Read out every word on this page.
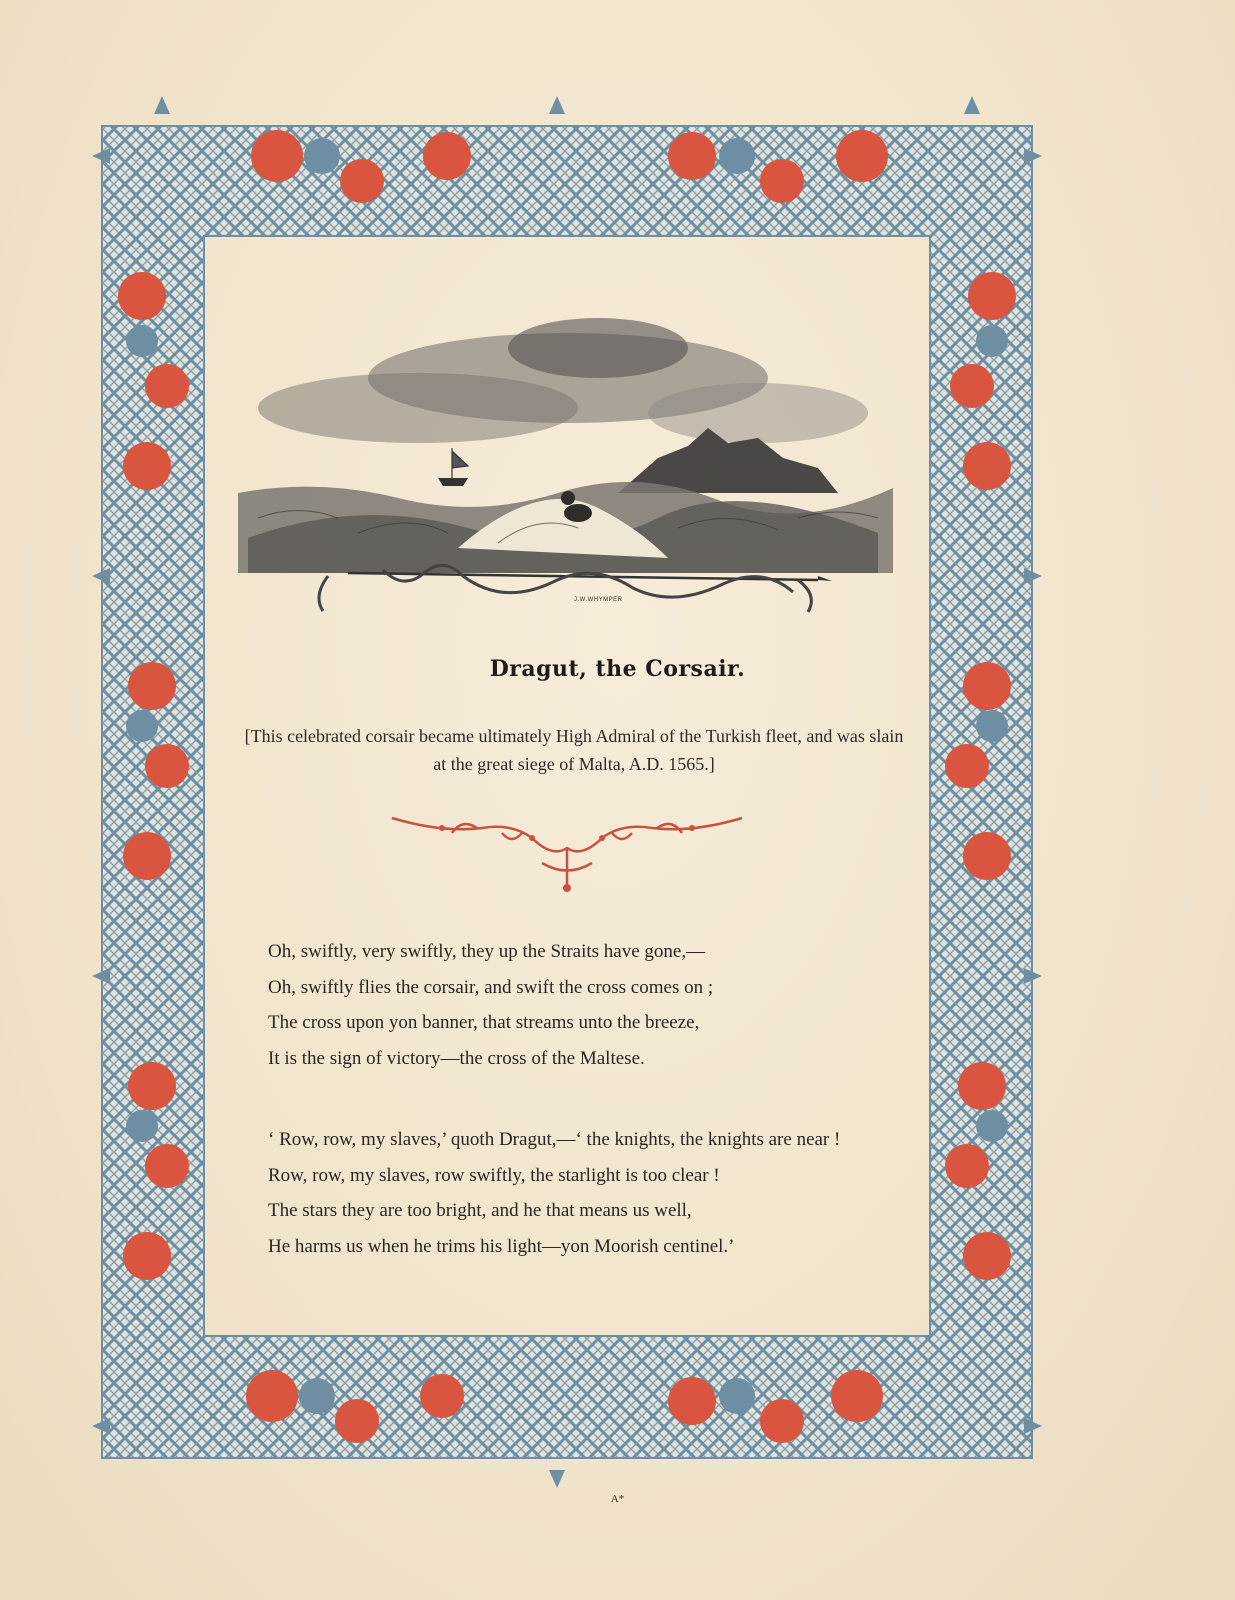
J.W.WHYMPER
Dragut, the Corsair.
[This celebrated corsair became ultimately High Admiral of the Turkish fleet, and was slain at the great siege of Malta, A.D. 1565.]
Oh, swiftly, very swiftly, they up the Straits have gone,—
Oh, swiftly flies the corsair, and swift the cross comes on ;
The cross upon yon banner, that streams unto the breeze,
It is the sign of victory—the cross of the Maltese.
‘ Row, row, my slaves,’ quoth Dragut,—‘ the knights, the knights are near !
Row, row, my slaves, row swiftly, the starlight is too clear !
The stars they are too bright, and he that means us well,
He harms us when he trims his light—yon Moorish centinel.’
A*
